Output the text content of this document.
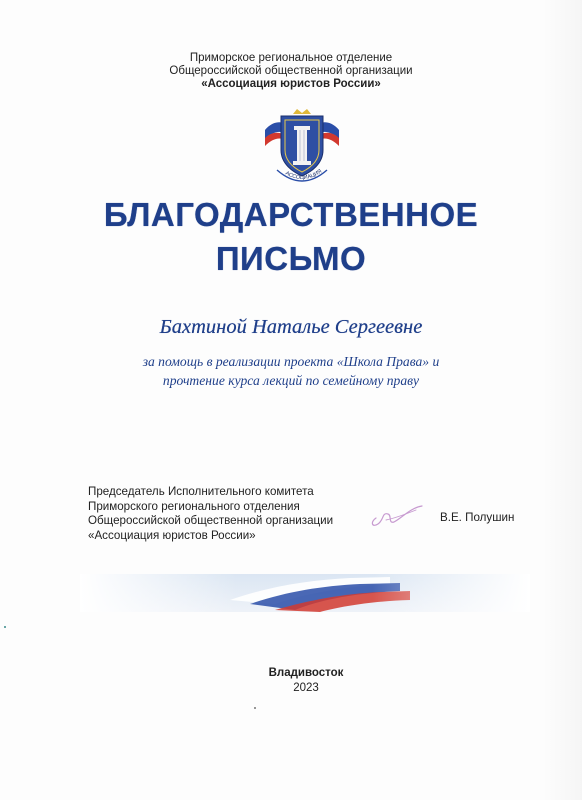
Приморское региональное отделение
Общероссийской общественной организации
«Ассоциация юристов России»
АССОЦИАЦИЯ
БЛАГОДАРСТВЕННОЕ
ПИСЬМО
Бахтиной Наталье Сергеевне
за помощь в реализации проекта «Школа Права» и
прочтение курса лекций по семейному праву
Председатель Исполнительного комитета
Приморского регионального отделения
Общероссийской общественной организации
«Ассоциация юристов России»
В.Е. Полушин
Владивосток
2023
